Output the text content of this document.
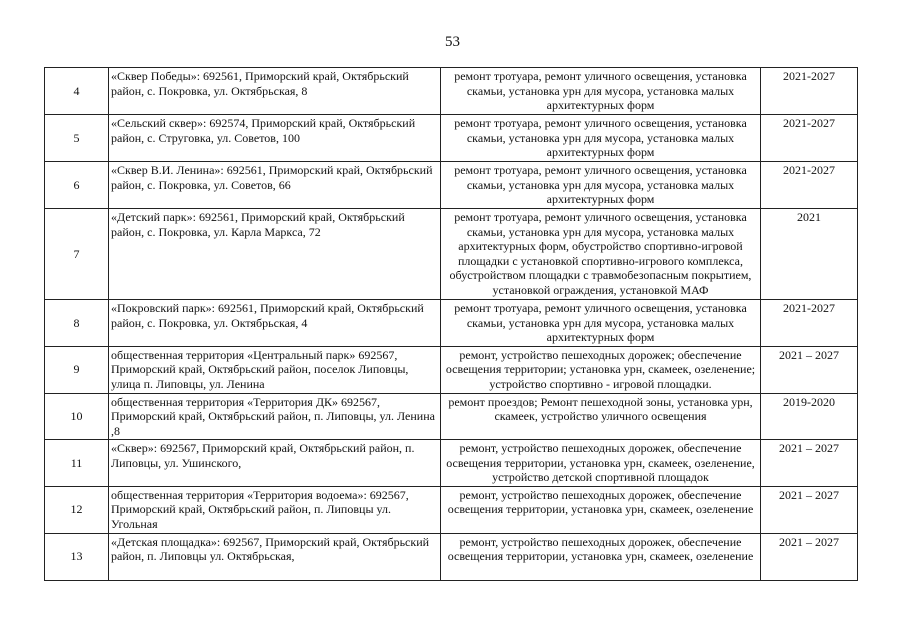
53
4	«Сквер Победы»: 692561, Приморский край, Октябрьский район, с. Покровка, ул. Октябрьская, 8	ремонт тротуара, ремонт уличного освещения, установка скамьи, установка урн для мусора, установка малых архитектурных форм	2021-2027
5	«Сельский сквер»: 692574, Приморский край, Октябрьский район, с. Струговка, ул. Советов, 100	ремонт тротуара, ремонт уличного освещения, установка скамьи, установка урн для мусора, установка малых архитектурных форм	2021-2027
6	«Сквер В.И. Ленина»: 692561, Приморский край, Октябрьский район, с. Покровка, ул. Советов, 66	ремонт тротуара, ремонт уличного освещения, установка скамьи, установка урн для мусора, установка малых архитектурных форм	2021-2027
7	«Детский парк»: 692561, Приморский край, Октябрьский район, с. Покровка, ул. Карла Маркса, 72	ремонт тротуара, ремонт уличного освещения, установка скамьи, установка урн для мусора, установка малых архитектурных форм, обустройство спортивно-игровой площадки с установкой спортивно-игрового комплекса, обустройством площадки с травмобезопасным покрытием, установкой ограждения, установкой МАФ	2021
8	«Покровский парк»: 692561, Приморский край, Октябрьский район, с. Покровка, ул. Октябрьская, 4	ремонт тротуара, ремонт уличного освещения, установка скамьи, установка урн для мусора, установка малых архитектурных форм	2021-2027
9	общественная территория «Центральный парк» 692567, Приморский край, Октябрьский район, поселок Липовцы, улица п. Липовцы, ул. Ленина	ремонт, устройство пешеходных дорожек; обеспечение освещения территории; установка урн, скамеек, озеленение; устройство спортивно - игровой площадки.	2021 – 2027
10	общественная территория «Территория ДК» 692567, Приморский край, Октябрьский район, п. Липовцы, ул. Ленина ,8	ремонт проездов; Ремонт пешеходной зоны, установка урн, скамеек, устройство уличного освещения	2019-2020
11	«Сквер»: 692567, Приморский край, Октябрьский район, п. Липовцы, ул. Ушинского,	ремонт, устройство пешеходных дорожек, обеспечение освещения территории, установка урн, скамеек, озеленение, устройство детской спортивной площадок	2021 – 2027
12	общественная территория «Территория водоема»: 692567, Приморский край, Октябрьский район, п. Липовцы ул. Угольная	ремонт, устройство пешеходных дорожек, обеспечение освещения территории, установка урн, скамеек, озеленение	2021 – 2027
13	«Детская площадка»: 692567, Приморский край, Октябрьский район, п. Липовцы ул. Октябрьская,	ремонт, устройство пешеходных дорожек, обеспечение освещения территории, установка урн, скамеек, озеленение	2021 – 2027
